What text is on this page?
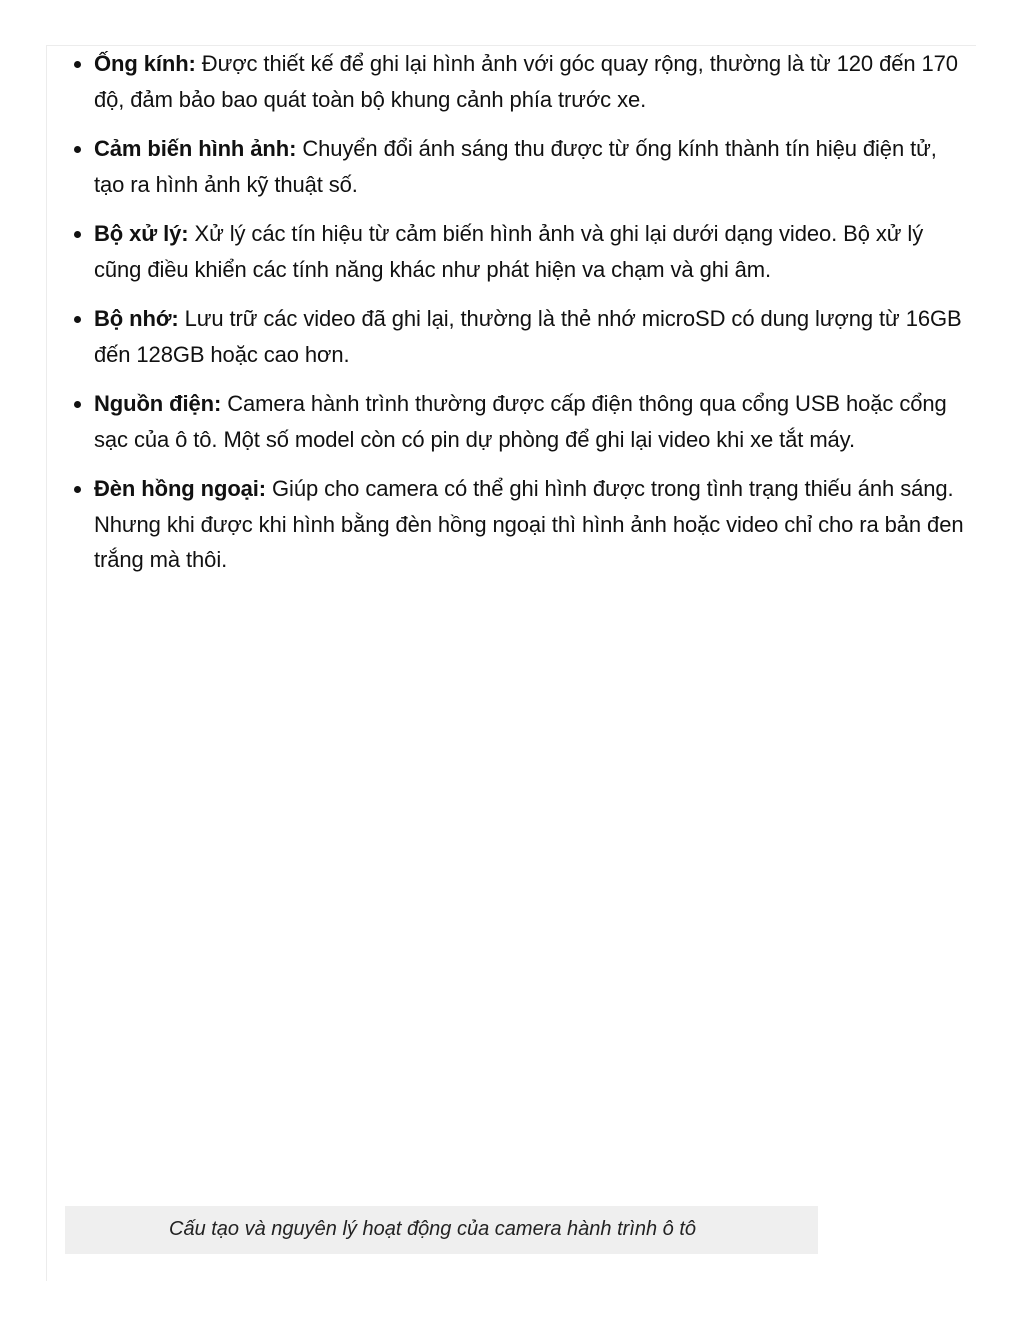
Ống kính: Được thiết kế để ghi lại hình ảnh với góc quay rộng, thường là từ 120 đến 170 độ, đảm bảo bao quát toàn bộ khung cảnh phía trước xe.
Cảm biến hình ảnh: Chuyển đổi ánh sáng thu được từ ống kính thành tín hiệu điện tử, tạo ra hình ảnh kỹ thuật số.
Bộ xử lý: Xử lý các tín hiệu từ cảm biến hình ảnh và ghi lại dưới dạng video. Bộ xử lý cũng điều khiển các tính năng khác như phát hiện va chạm và ghi âm.
Bộ nhớ: Lưu trữ các video đã ghi lại, thường là thẻ nhớ microSD có dung lượng từ 16GB đến 128GB hoặc cao hơn.
Nguồn điện: Camera hành trình thường được cấp điện thông qua cổng USB hoặc cổng sạc của ô tô. Một số model còn có pin dự phòng để ghi lại video khi xe tắt máy.
Đèn hồng ngoại: Giúp cho camera có thể ghi hình được trong tình trạng thiếu ánh sáng. Nhưng khi được khi hình bằng đèn hồng ngoại thì hình ảnh hoặc video chỉ cho ra bản đen trắng mà thôi.
Cấu tạo và nguyên lý hoạt động của camera hành trình ô tô
